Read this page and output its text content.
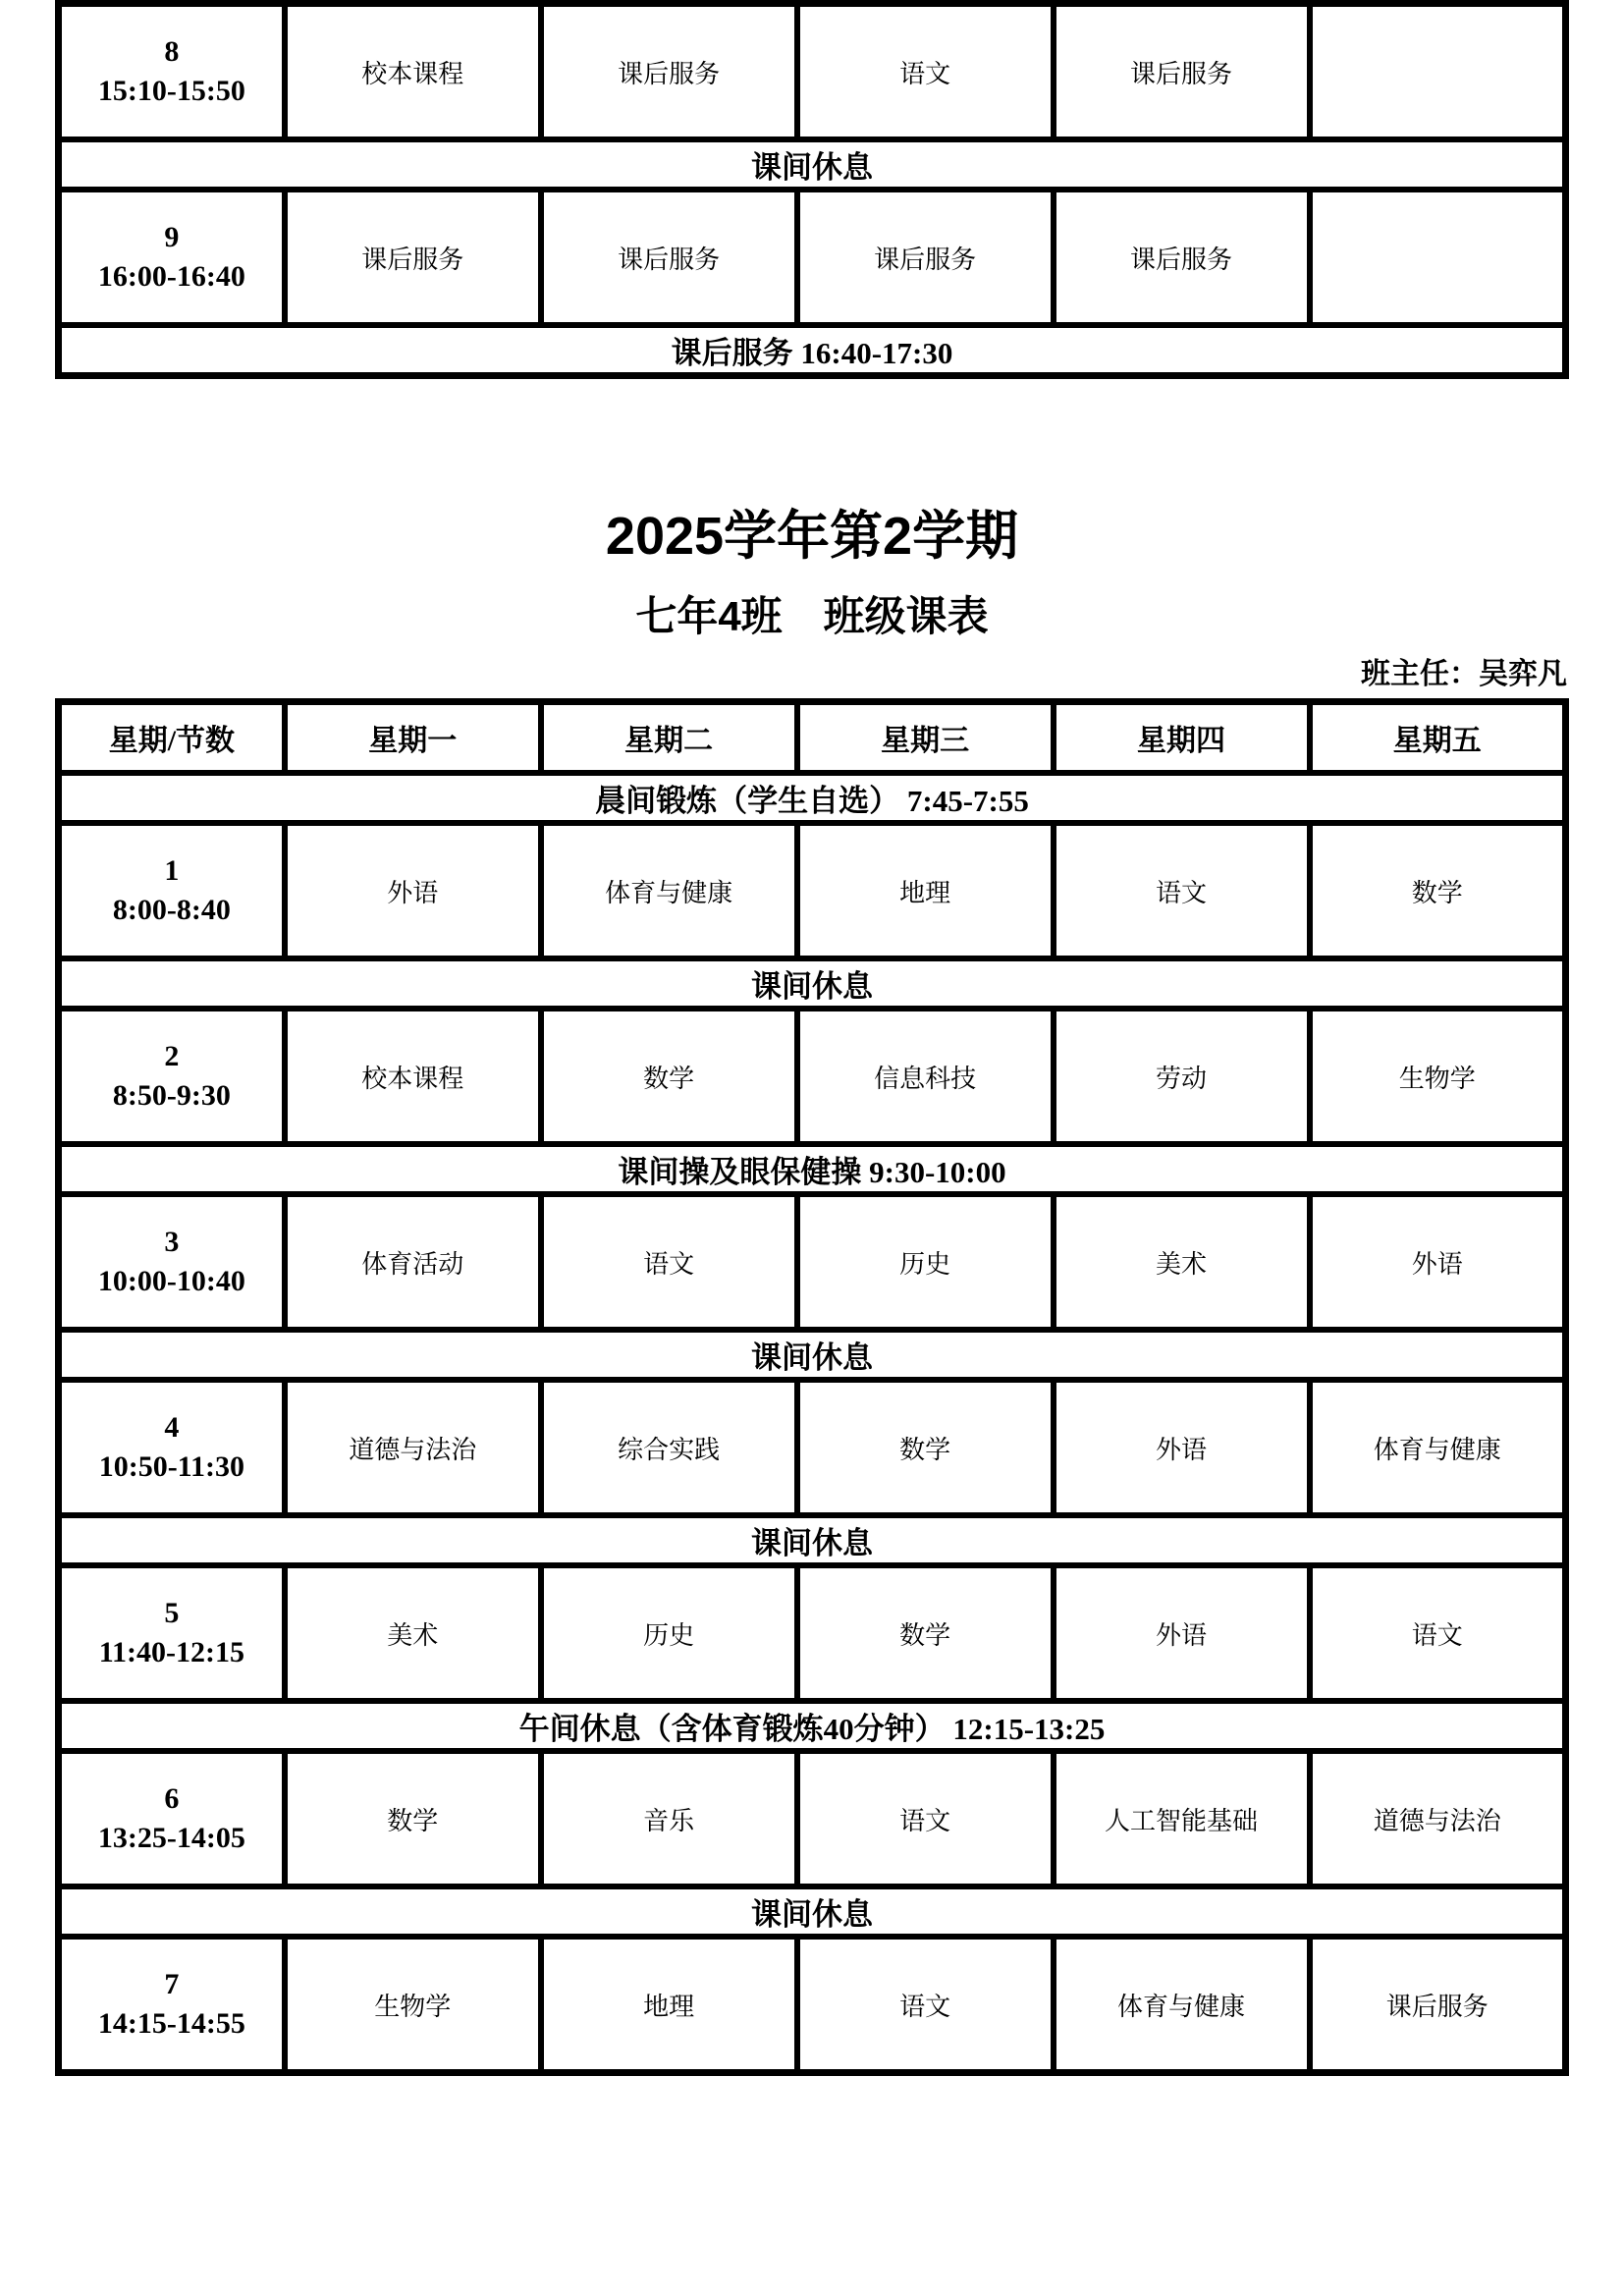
8
15:10-15:50	校本课程	课后服务	语文	课后服务	
课间休息					

9
16:00-16:40	课后服务	课后服务	课后服务	课后服务	
课后服务 16:40-17:30					
2025学年第2学期
七年4班　班级课表
班主任：吴弈凡
星期/节数	星期一	星期二	星期三	星期四	星期五
晨间锻炼（学生自选） 7:45-7:55					

1
8:00-8:40	外语	体育与健康	地理	语文	数学
课间休息					

2
8:50-9:30	校本课程	数学	信息科技	劳动	生物学
课间操及眼保健操 9:30-10:00					

3
10:00-10:40	体育活动	语文	历史	美术	外语
课间休息					

4
10:50-11:30	道德与法治	综合实践	数学	外语	体育与健康
课间休息					

5
11:40-12:15	美术	历史	数学	外语	语文
午间休息（含体育锻炼40分钟） 12:15-13:25					

6
13:25-14:05	数学	音乐	语文	人工智能基础	道德与法治
课间休息					

7
14:15-14:55	生物学	地理	语文	体育与健康	课后服务
